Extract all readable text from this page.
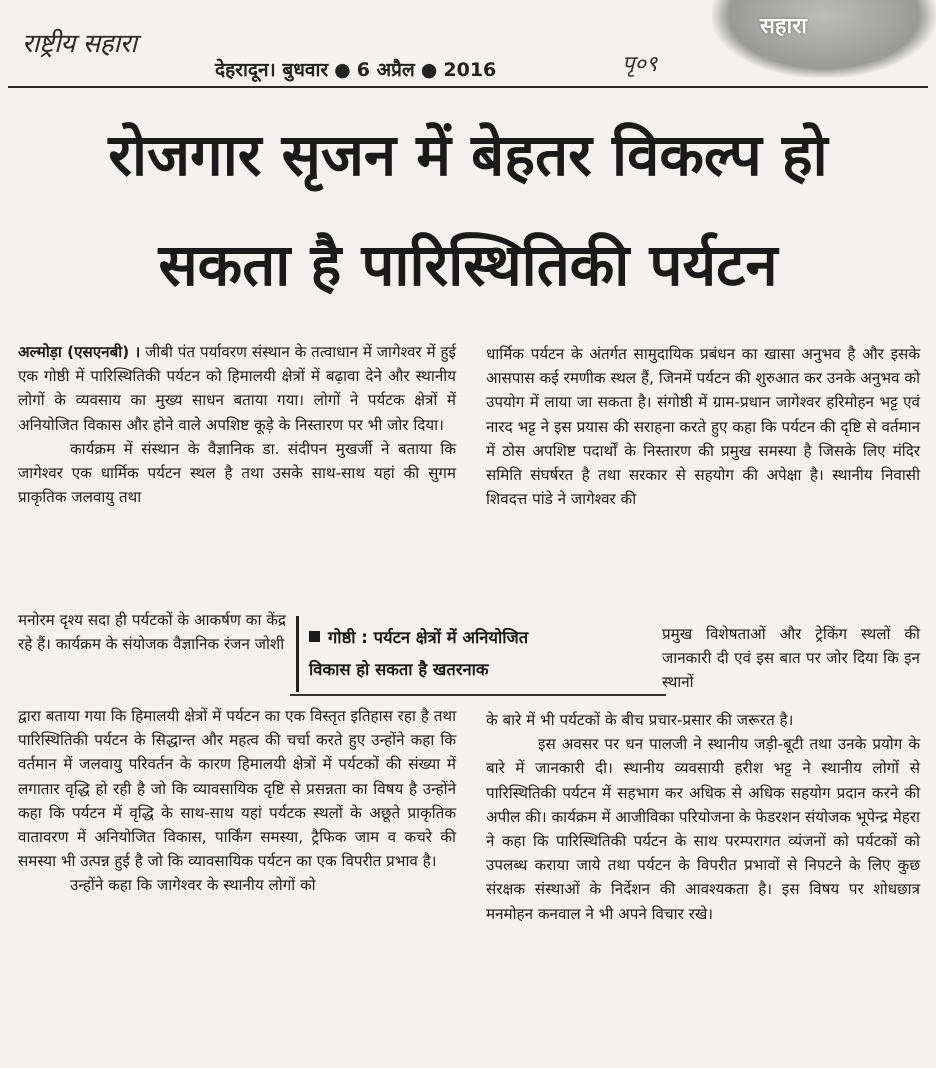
राष्ट्रीय सहारा
देहरादून। बुधवार ● 6 अप्रैल ● 2016	पृ०९
सहारा
रोजगार सृजन में बेहतर विकल्प हो
सकता है पारिस्थितिकी पर्यटन

अल्मोड़ा (एसएनबी) । जीबी पंत पर्यावरण संस्थान के तत्वाधान में जागेश्वर में हुई एक गोष्ठी में पारिस्थितिकी पर्यटन को हिमालयी क्षेत्रों में बढ़ावा देने और स्थानीय लोगों के व्यवसाय का मुख्य साधन बताया गया। लोगों ने पर्यटक क्षेत्रों में अनियोजित विकास और होने वाले अपशिष्ट कूड़े के निस्तारण पर भी जोर दिया।

कार्यक्रम में संस्थान के वैज्ञानिक डा. संदीपन मुखर्जी ने बताया कि जागेश्वर एक धार्मिक पर्यटन स्थल है तथा उसके साथ-साथ यहां की सुगम प्राकृतिक जलवायु तथा

मनोरम दृश्य सदा ही पर्यटकों के आकर्षण का केंद्र रहे हैं। कार्यक्रम के संयोजक वैज्ञानिक रंजन जोशी

द्वारा बताया गया कि हिमालयी क्षेत्रों में पर्यटन का एक विस्तृत इतिहास रहा है तथा पारिस्थितिकी पर्यटन के सिद्धान्त और महत्व की चर्चा करते हुए उन्होंने कहा कि वर्तमान में जलवायु परिवर्तन के कारण हिमालयी क्षेत्रों में पर्यटकों की संख्या में लगातार वृद्धि हो रही है जो कि व्यावसायिक दृष्टि से प्रसन्नता का विषय है उन्होंने कहा कि पर्यटन में वृद्धि के साथ-साथ यहां पर्यटक स्थलों के अछूते प्राकृतिक वातावरण में अनियोजित विकास, पार्किंग समस्या, ट्रैफिक जाम व कचरे की समस्या भी उत्पन्न हुई है जो कि व्यावसायिक पर्यटन का एक विपरीत प्रभाव है।

उन्होंने कहा कि जागेश्वर के स्थानीय लोगों को

गोष्ठी : पर्यटन क्षेत्रों में अनियोजित
विकास हो सकता है खतरनाक
धार्मिक पर्यटन के अंतर्गत सामुदायिक प्रबंधन का खासा अनुभव है और इसके आसपास कई रमणीक स्थल हैं, जिनमें पर्यटन की शुरुआत कर उनके अनुभव को उपयोग में लाया जा सकता है। संगोष्ठी में ग्राम-प्रधान जागेश्वर हरिमोहन भट्ट एवं नारद भट्ट ने इस प्रयास की सराहना करते हुए कहा कि पर्यटन की दृष्टि से वर्तमान में ठोस अपशिष्ट पदार्थों के निस्तारण की प्रमुख समस्या है जिसके लिए मंदिर समिति संघर्षरत है तथा सरकार से सहयोग की अपेक्षा है। स्थानीय निवासी शिवदत्त पांडे ने जागेश्वर की
प्रमुख विशेषताओं और ट्रेकिंग स्थलों की जानकारी दी एवं इस बात पर जोर दिया कि इन स्थानों

के बारे में भी पर्यटकों के बीच प्रचार-प्रसार की जरूरत है।

इस अवसर पर धन पालजी ने स्थानीय जड़ी-बूटी तथा उनके प्रयोग के बारे में जानकारी दी। स्थानीय व्यवसायी हरीश भट्ट ने स्थानीय लोगों से पारिस्थितिकी पर्यटन में सहभाग कर अधिक से अधिक सहयोग प्रदान करने की अपील की। कार्यक्रम में आजीविका परियोजना के फेडरशन संयोजक भूपेन्द्र मेहरा ने कहा कि पारिस्थितिकी पर्यटन के साथ परम्परागत व्यंजनों को पर्यटकों को उपलब्ध कराया जाये तथा पर्यटन के विपरीत प्रभावों से निपटने के लिए कुछ संरक्षक संस्थाओं के निर्देशन की आवश्यकता है। इस विषय पर शोधछात्र मनमोहन कनवाल ने भी अपने विचार रखे।
